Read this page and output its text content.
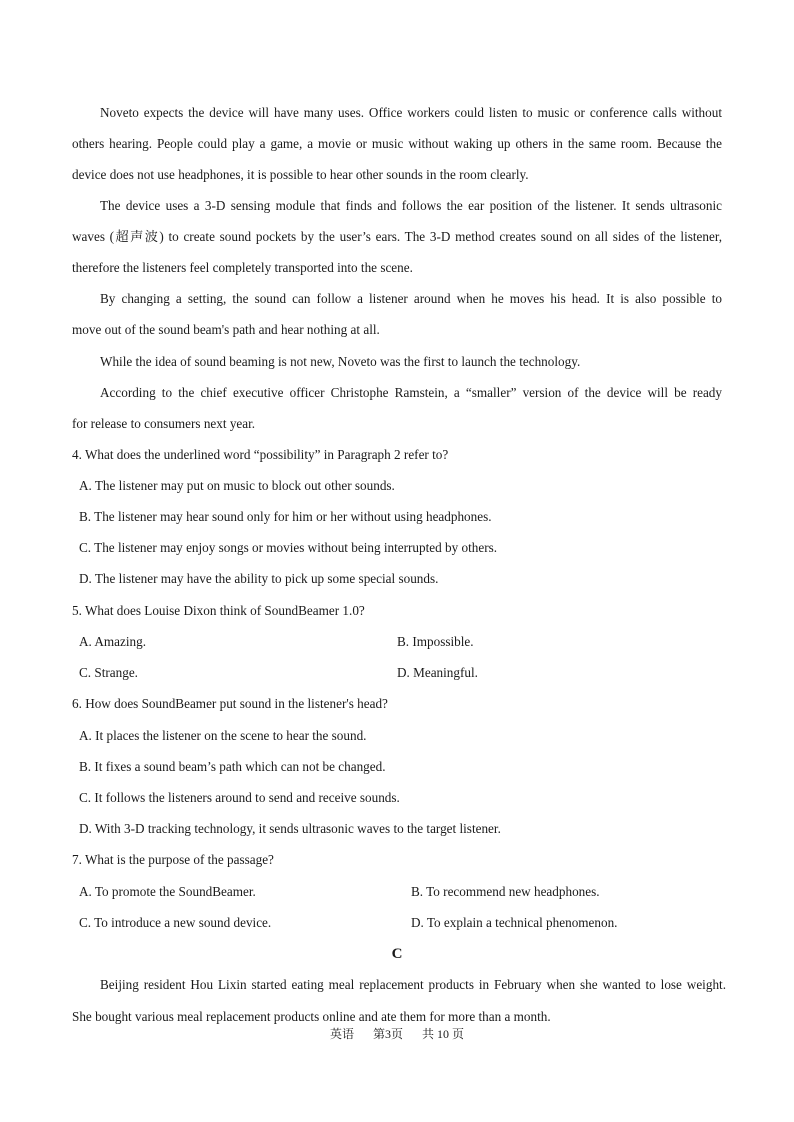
Noveto expects the device will have many uses. Office workers could listen to music or conference calls without
others hearing. People could play a game, a movie or music without waking up others in the same room. Because the
device does not use headphones, it is possible to hear other sounds in the room clearly.
The device uses a 3-D sensing module that finds and follows the ear position of the listener. It sends ultrasonic
waves (超声波) to create sound pockets by the user’s ears. The 3-D method creates sound on all sides of the listener,
therefore the listeners feel completely transported into the scene.
By changing a setting, the sound can follow a listener around when he moves his head. It is also possible to
move out of the sound beam's path and hear nothing at all.
While the idea of sound beaming is not new, Noveto was the first to launch the technology.
According to the chief executive officer Christophe Ramstein, a “smaller” version of the device will be ready
for release to consumers next year.
4. What does the underlined word “possibility” in Paragraph 2 refer to?
A. The listener may put on music to block out other sounds.
B. The listener may hear sound only for him or her without using headphones.
C. The listener may enjoy songs or movies without being interrupted by others.
D. The listener may have the ability to pick up some special sounds.
5. What does Louise Dixon think of SoundBeamer 1.0?
A. Amazing.	B. Impossible.
C. Strange.	D. Meaningful.
6. How does SoundBeamer put sound in the listener's head?
A. It places the listener on the scene to hear the sound.
B. It fixes a sound beam’s path which can not be changed.
C. It follows the listeners around to send and receive sounds.
D. With 3-D tracking technology, it sends ultrasonic waves to the target listener.
7. What is the purpose of the passage?
A. To promote the SoundBeamer.	B. To recommend new headphones.
C. To introduce a new sound device.	D. To explain a technical phenomenon.
C
Beijing resident Hou Lixin started eating meal replacement products in February when she wanted to lose weight.
She bought various meal replacement products online and ate them for more than a month.
英语 第3页 共 10 页
